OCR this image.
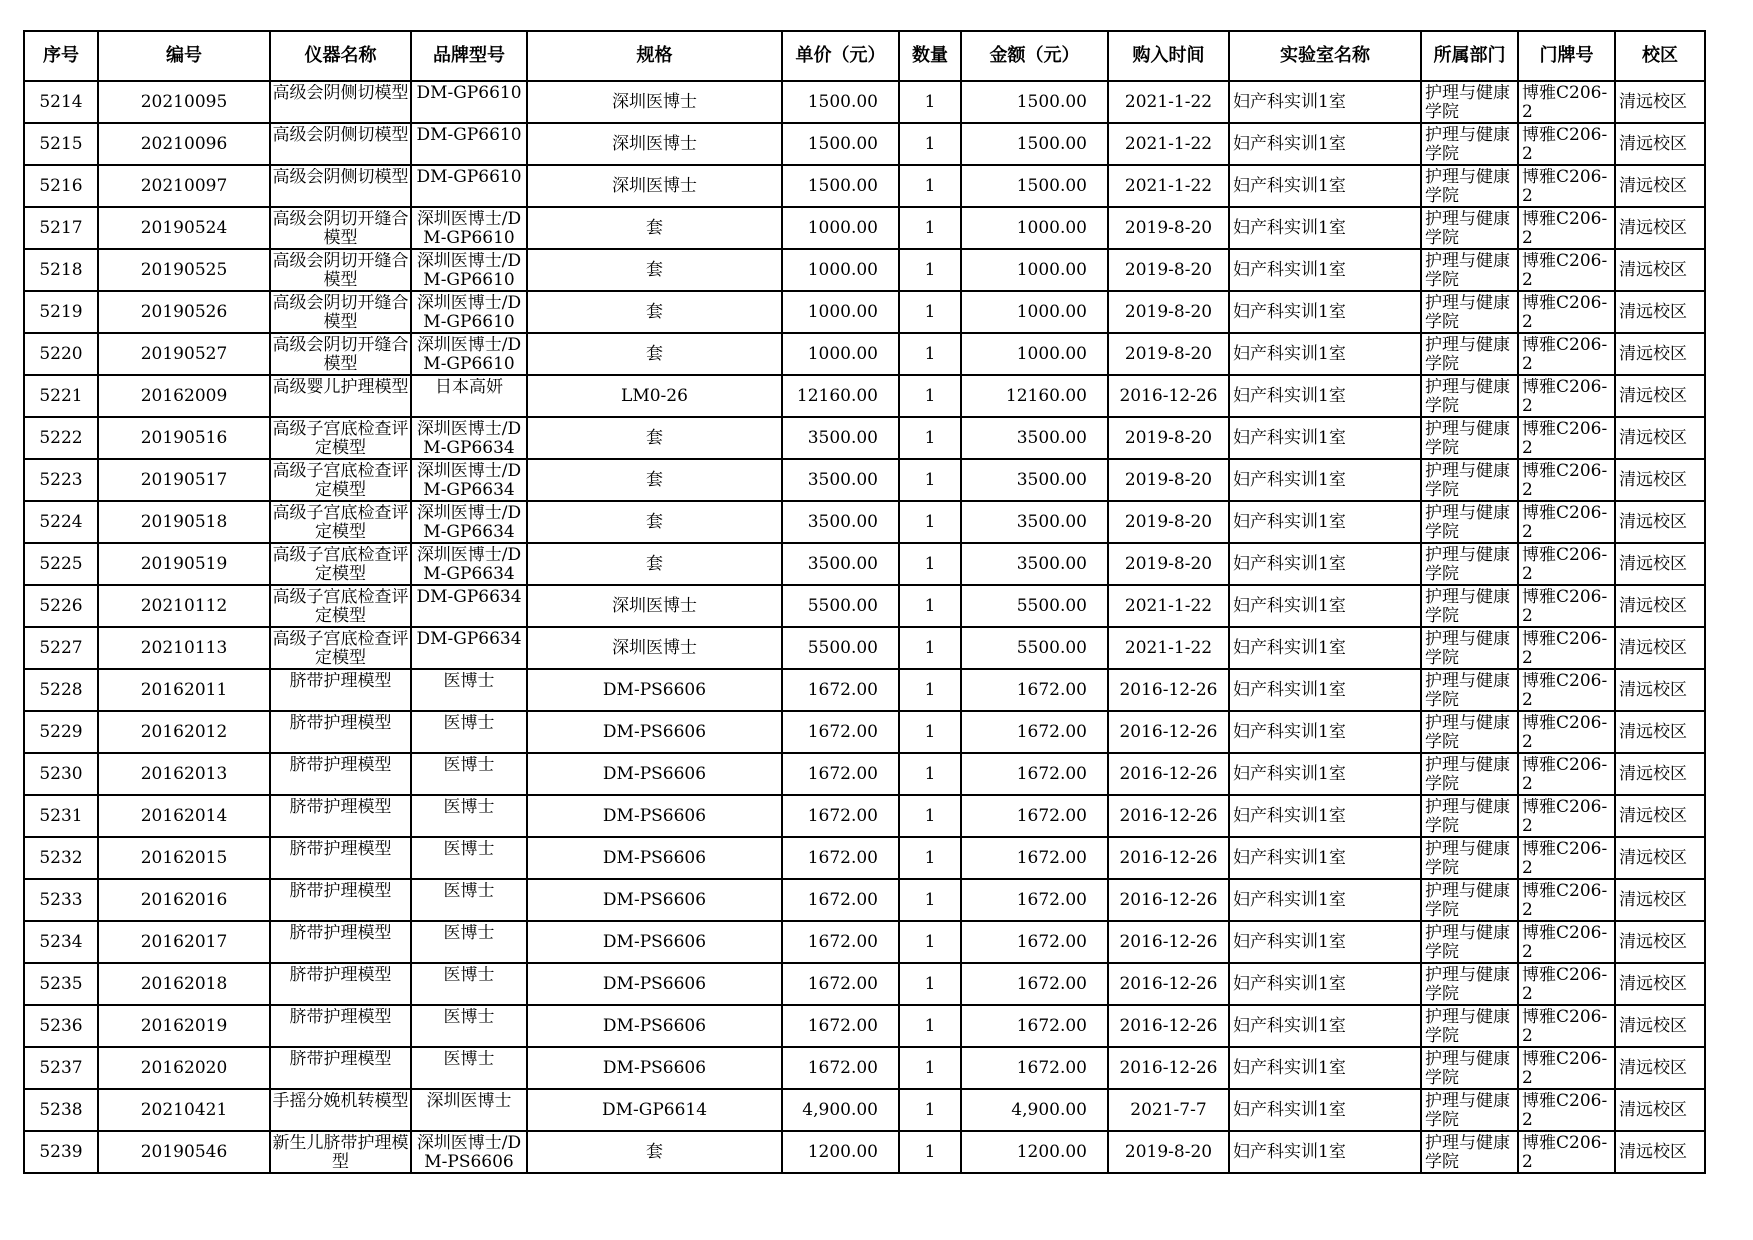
序号	编号	仪器名称	品牌型号	规格	单价（元）	数量	金额（元）	购入时间	实验室名称	所属部门	门牌号	校区
5214	20210095	高级会阴侧切模型	DM-GP6610	深圳医博士	1500.00	1	1500.00	2021-1-22	妇产科实训1室	护理与健康学院	博雅C206-2	清远校区
5215	20210096	高级会阴侧切模型	DM-GP6610	深圳医博士	1500.00	1	1500.00	2021-1-22	妇产科实训1室	护理与健康学院	博雅C206-2	清远校区
5216	20210097	高级会阴侧切模型	DM-GP6610	深圳医博士	1500.00	1	1500.00	2021-1-22	妇产科实训1室	护理与健康学院	博雅C206-2	清远校区
5217	20190524	高级会阴切开缝合模型	深圳医博士/DM-GP6610	套	1000.00	1	1000.00	2019-8-20	妇产科实训1室	护理与健康学院	博雅C206-2	清远校区
5218	20190525	高级会阴切开缝合模型	深圳医博士/DM-GP6610	套	1000.00	1	1000.00	2019-8-20	妇产科实训1室	护理与健康学院	博雅C206-2	清远校区
5219	20190526	高级会阴切开缝合模型	深圳医博士/DM-GP6610	套	1000.00	1	1000.00	2019-8-20	妇产科实训1室	护理与健康学院	博雅C206-2	清远校区
5220	20190527	高级会阴切开缝合模型	深圳医博士/DM-GP6610	套	1000.00	1	1000.00	2019-8-20	妇产科实训1室	护理与健康学院	博雅C206-2	清远校区
5221	20162009	高级婴儿护理模型	日本高妍	LM0-26	12160.00	1	12160.00	2016-12-26	妇产科实训1室	护理与健康学院	博雅C206-2	清远校区
5222	20190516	高级子宫底检查评定模型	深圳医博士/DM-GP6634	套	3500.00	1	3500.00	2019-8-20	妇产科实训1室	护理与健康学院	博雅C206-2	清远校区
5223	20190517	高级子宫底检查评定模型	深圳医博士/DM-GP6634	套	3500.00	1	3500.00	2019-8-20	妇产科实训1室	护理与健康学院	博雅C206-2	清远校区
5224	20190518	高级子宫底检查评定模型	深圳医博士/DM-GP6634	套	3500.00	1	3500.00	2019-8-20	妇产科实训1室	护理与健康学院	博雅C206-2	清远校区
5225	20190519	高级子宫底检查评定模型	深圳医博士/DM-GP6634	套	3500.00	1	3500.00	2019-8-20	妇产科实训1室	护理与健康学院	博雅C206-2	清远校区
5226	20210112	高级子宫底检查评定模型	DM-GP6634	深圳医博士	5500.00	1	5500.00	2021-1-22	妇产科实训1室	护理与健康学院	博雅C206-2	清远校区
5227	20210113	高级子宫底检查评定模型	DM-GP6634	深圳医博士	5500.00	1	5500.00	2021-1-22	妇产科实训1室	护理与健康学院	博雅C206-2	清远校区
5228	20162011	脐带护理模型	医博士	DM-PS6606	1672.00	1	1672.00	2016-12-26	妇产科实训1室	护理与健康学院	博雅C206-2	清远校区
5229	20162012	脐带护理模型	医博士	DM-PS6606	1672.00	1	1672.00	2016-12-26	妇产科实训1室	护理与健康学院	博雅C206-2	清远校区
5230	20162013	脐带护理模型	医博士	DM-PS6606	1672.00	1	1672.00	2016-12-26	妇产科实训1室	护理与健康学院	博雅C206-2	清远校区
5231	20162014	脐带护理模型	医博士	DM-PS6606	1672.00	1	1672.00	2016-12-26	妇产科实训1室	护理与健康学院	博雅C206-2	清远校区
5232	20162015	脐带护理模型	医博士	DM-PS6606	1672.00	1	1672.00	2016-12-26	妇产科实训1室	护理与健康学院	博雅C206-2	清远校区
5233	20162016	脐带护理模型	医博士	DM-PS6606	1672.00	1	1672.00	2016-12-26	妇产科实训1室	护理与健康学院	博雅C206-2	清远校区
5234	20162017	脐带护理模型	医博士	DM-PS6606	1672.00	1	1672.00	2016-12-26	妇产科实训1室	护理与健康学院	博雅C206-2	清远校区
5235	20162018	脐带护理模型	医博士	DM-PS6606	1672.00	1	1672.00	2016-12-26	妇产科实训1室	护理与健康学院	博雅C206-2	清远校区
5236	20162019	脐带护理模型	医博士	DM-PS6606	1672.00	1	1672.00	2016-12-26	妇产科实训1室	护理与健康学院	博雅C206-2	清远校区
5237	20162020	脐带护理模型	医博士	DM-PS6606	1672.00	1	1672.00	2016-12-26	妇产科实训1室	护理与健康学院	博雅C206-2	清远校区
5238	20210421	手摇分娩机转模型	深圳医博士	DM-GP6614	4,900.00	1	4,900.00	2021-7-7	妇产科实训1室	护理与健康学院	博雅C206-2	清远校区
5239	20190546	新生儿脐带护理模型	深圳医博士/DM-PS6606	套	1200.00	1	1200.00	2019-8-20	妇产科实训1室	护理与健康学院	博雅C206-2	清远校区
